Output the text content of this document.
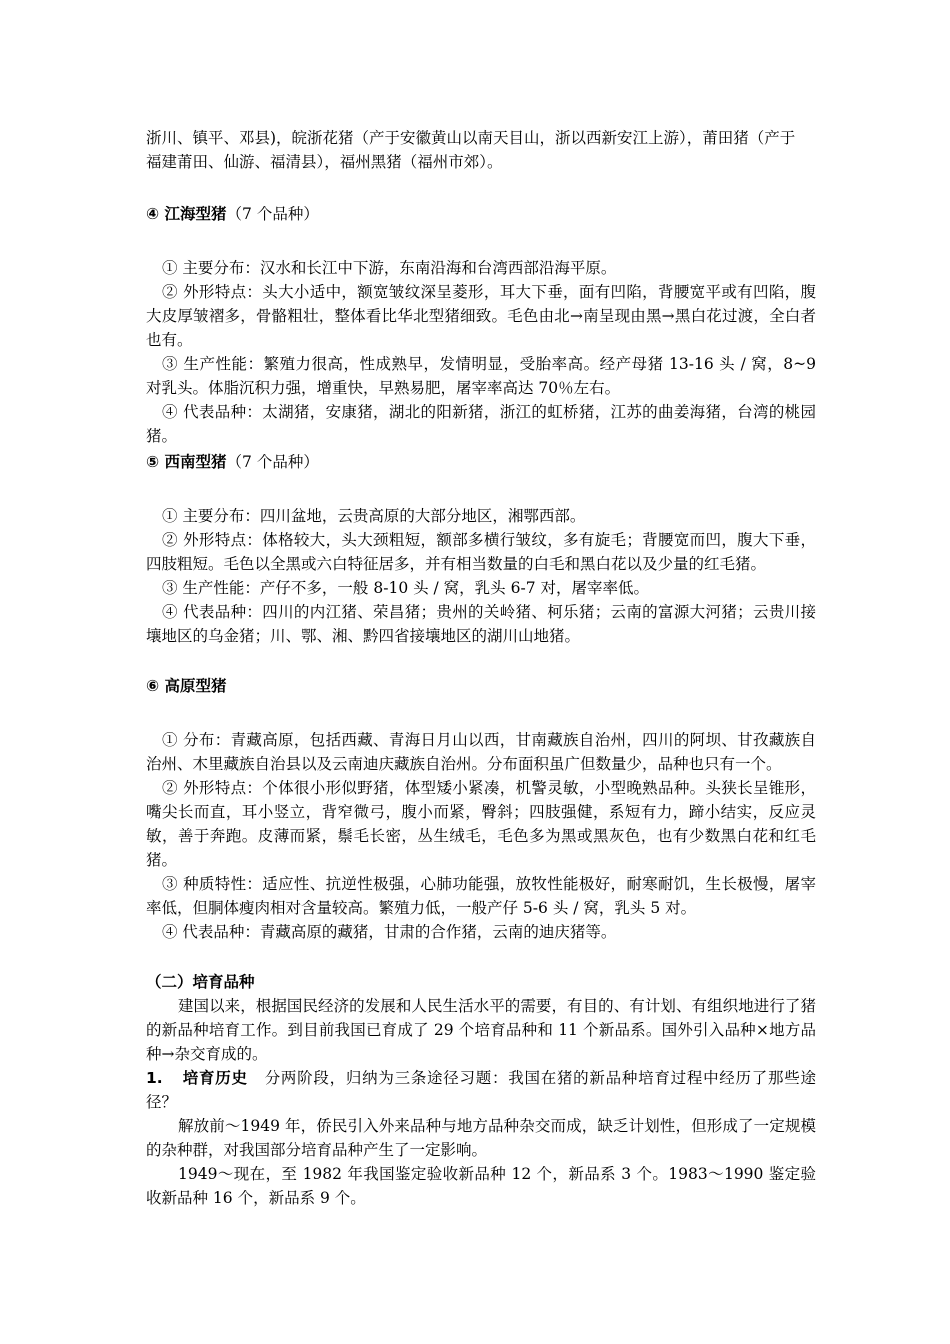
浙川、镇平、邓县)，皖浙花猪（产于安徽黄山以南天目山，浙以西新安江上游），莆田猪（产于

福建莆田、仙游、福清县），福州黑猪（福州市郊）。

④ 江海型猪（7 个品种）

① 主要分布：汉水和长江中下游，东南沿海和台湾西部沿海平原。

② 外形特点：头大小适中，额宽皱纹深呈菱形，耳大下垂，面有凹陷，背腰宽平或有凹陷，腹大皮厚皱褶多，骨骼粗壮，整体看比华北型猪细致。毛色由北→南呈现由黑→黑白花过渡，全白者也有。

③ 生产性能：繁殖力很高，性成熟早，发情明显，受胎率高。经产母猪 13-16 头 / 窝，8~9 对乳头。体脂沉积力强，增重快，早熟易肥，屠宰率高达 70％左右。

④ 代表品种：太湖猪，安康猪，湖北的阳新猪，浙江的虹桥猪，江苏的曲姜海猪，台湾的桃园猪。

⑤ 西南型猪（7 个品种）

① 主要分布：四川盆地，云贵高原的大部分地区，湘鄂西部。

② 外形特点：体格较大，头大颈粗短，额部多横行皱纹，多有旋毛；背腰宽而凹，腹大下垂，四肢粗短。毛色以全黑或六白特征居多，并有相当数量的白毛和黑白花以及少量的红毛猪。

③ 生产性能：产仔不多，一般 8-10 头 / 窝，乳头 6-7 对，屠宰率低。

④ 代表品种：四川的内江猪、荣昌猪；贵州的关岭猪、柯乐猪；云南的富源大河猪；云贵川接壤地区的乌金猪；川、鄂、湘、黔四省接壤地区的湖川山地猪。

⑥ 高原型猪

① 分布：青藏高原，包括西藏、青海日月山以西，甘南藏族自治州，四川的阿坝、甘孜藏族自治州、木里藏族自治县以及云南迪庆藏族自治州。分布面积虽广但数量少，品种也只有一个。

② 外形特点：个体很小形似野猪，体型矮小紧凑，机警灵敏，小型晚熟品种。头狭长呈锥形，嘴尖长而直，耳小竖立，背窄微弓，腹小而紧，臀斜；四肢强健，系短有力，蹄小结实，反应灵敏，善于奔跑。皮薄而紧，鬃毛长密，丛生绒毛，毛色多为黑或黑灰色，也有少数黑白花和红毛猪。

③ 种质特性：适应性、抗逆性极强，心肺功能强，放牧性能极好，耐寒耐饥，生长极慢，屠宰率低，但胴体瘦肉相对含量较高。繁殖力低，一般产仔 5-6 头 / 窝，乳头 5 对。

④ 代表品种：青藏高原的藏猪，甘肃的合作猪，云南的迪庆猪等。

（二）培育品种

建国以来，根据国民经济的发展和人民生活水平的需要，有目的、有计划、有组织地进行了猪的新品种培育工作。到目前我国已育成了 29 个培育品种和 11 个新品系。国外引入品种×地方品种→杂交育成的。

1. 培育历史 分两阶段，归纳为三条途径习题：我国在猪的新品种培育过程中经历了那些途径？

解放前～1949 年，侨民引入外来品种与地方品种杂交而成，缺乏计划性，但形成了一定规模的杂种群，对我国部分培育品种产生了一定影响。

1949～现在，至 1982 年我国鉴定验收新品种 12 个，新品系 3 个。1983～1990 鉴定验收新品种 16 个，新品系 9 个。
